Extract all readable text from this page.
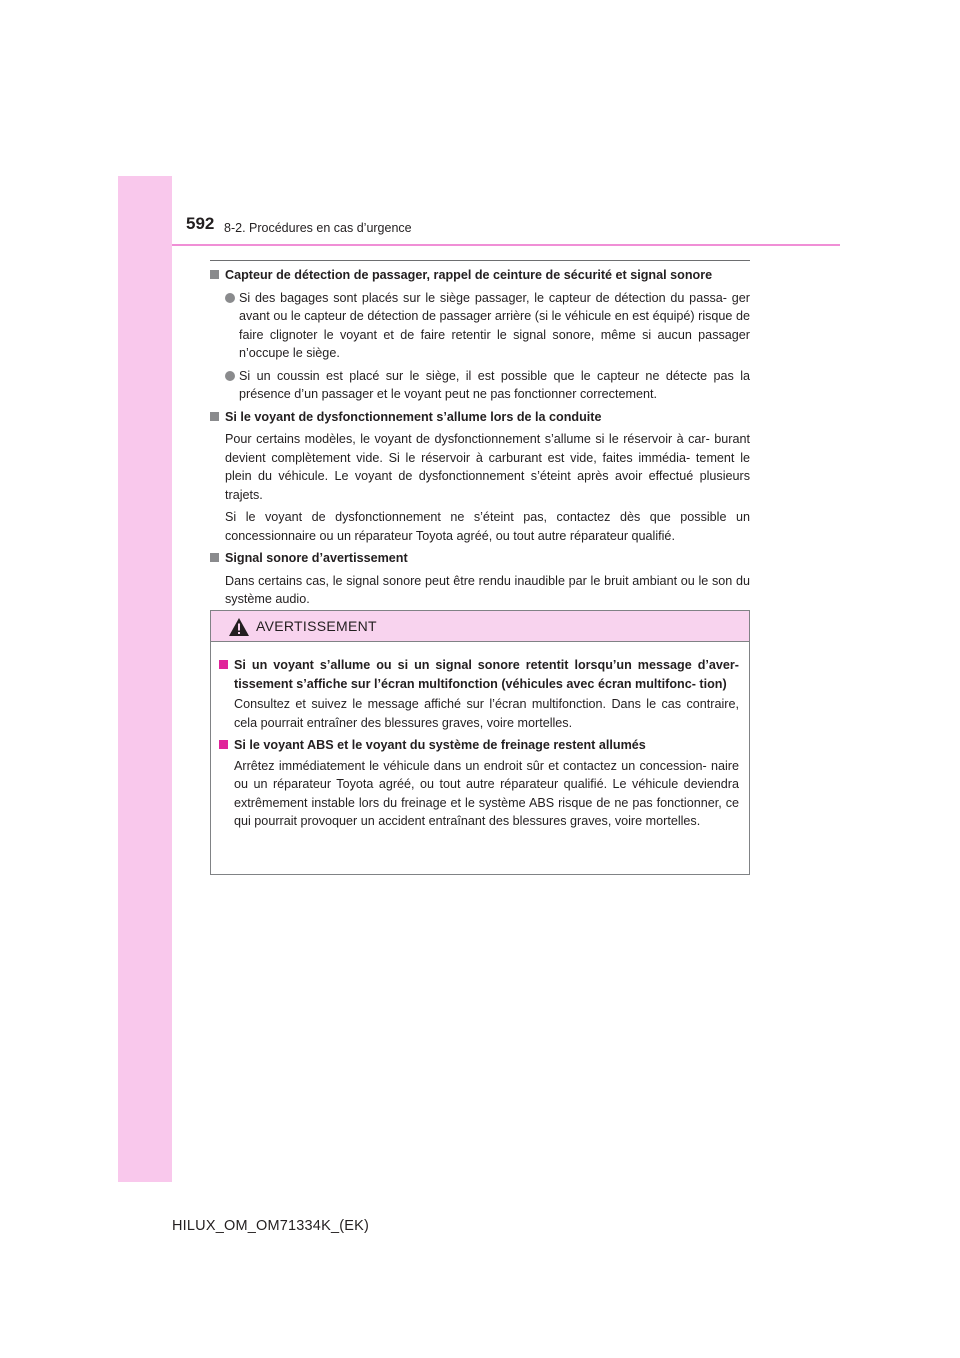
592 8-2. Procédures en cas d’urgence
Capteur de détection de passager, rappel de ceinture de sécurité et signal sonore
Si des bagages sont placés sur le siège passager, le capteur de détection du passa- ger avant ou le capteur de détection de passager arrière (si le véhicule en est équipé) risque de faire clignoter le voyant et de faire retentir le signal sonore, même si aucun passager n’occupe le siège.
Si un coussin est placé sur le siège, il est possible que le capteur ne détecte pas la présence d’un passager et le voyant peut ne pas fonctionner correctement.
Si le voyant de dysfonctionnement s’allume lors de la conduite
Pour certains modèles, le voyant de dysfonctionnement s’allume si le réservoir à car- burant devient complètement vide. Si le réservoir à carburant est vide, faites immédia- tement le plein du véhicule. Le voyant de dysfonctionnement s’éteint après avoir effectué plusieurs trajets.
Si le voyant de dysfonctionnement ne s’éteint pas, contactez dès que possible un concessionnaire ou un réparateur Toyota agréé, ou tout autre réparateur qualifié.
Signal sonore d’avertissement
Dans certains cas, le signal sonore peut être rendu inaudible par le bruit ambiant ou le son du système audio.
AVERTISSEMENT
Si un voyant s’allume ou si un signal sonore retentit lorsqu’un message d’aver- tissement s’affiche sur l’écran multifonction (véhicules avec écran multifonc- tion)
Consultez et suivez le message affiché sur l’écran multifonction. Dans le cas contraire, cela pourrait entraîner des blessures graves, voire mortelles.
Si le voyant ABS et le voyant du système de freinage restent allumés
Arrêtez immédiatement le véhicule dans un endroit sûr et contactez un concession- naire ou un réparateur Toyota agréé, ou tout autre réparateur qualifié. Le véhicule deviendra extrêmement instable lors du freinage et le système ABS risque de ne pas fonctionner, ce qui pourrait provoquer un accident entraînant des blessures graves, voire mortelles.
HILUX_OM_OM71334K_(EK)
